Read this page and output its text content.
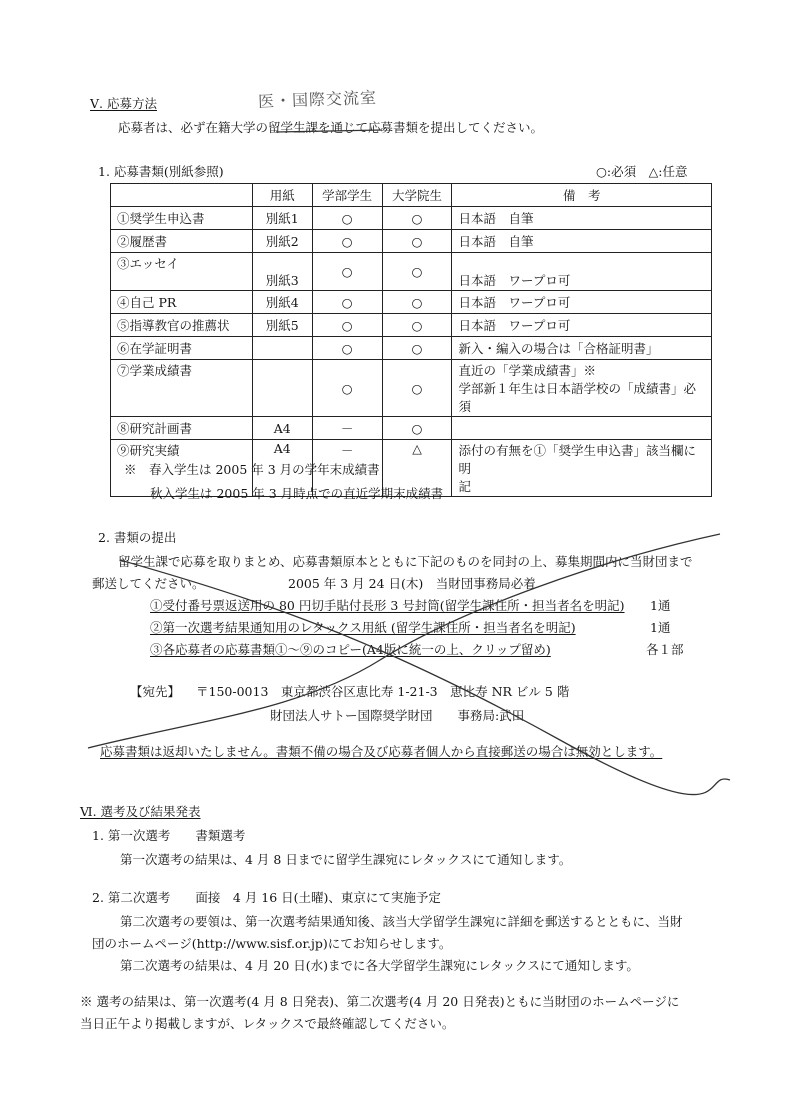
Ⅴ. 応募方法	医・国際交流室
応募者は、必ず在籍大学の留学生課を通じて応募書類を提出してください。
1. 応募書類(別紙参照)	○:必須　△:任意
	用紙	学部学生	大学院生	備　考
①奨学生申込書	別紙1	○	○	日本語　自筆
②履歴書	別紙2	○	○	日本語　自筆
③エッセイ	別紙3	○	○	日本語　ワープロ可
④自己 PR	別紙4	○	○	日本語　ワープロ可
⑤指導教官の推薦状	別紙5	○	○	日本語　ワープロ可
⑥在学証明書		○	○	新入・編入の場合は「合格証明書」
⑦学業成績書		○	○	直近の「学業成績書」※
学部新１年生は日本語学校の「成績書」必須

⑧研究計画書	A4	－	○	
⑨研究実績	A4	－	△	添付の有無を①「奨学生申込書」該当欄に明
記
※　春入学生は 2005 年 3 月の学年末成績書
秋入学生は 2005 年 3 月時点での直近学期末成績書
2. 書類の提出
留学生課で応募を取りまとめ、応募書類原本とともに下記のものを同封の上、募集期間内に当財団まで
郵送してください。	2005 年 3 月 24 日(木)　当財団事務局必着
①受付番号票返送用の 80 円切手貼付長形 3 号封筒(留学生課住所・担当者名を明記) 1通
②第一次選考結果通知用のレタックス用紙 (留学生課住所・担当者名を明記)	1通
③各応募者の応募書類①～⑨のコピー(A4版に統一の上、クリップ留め)	各１部
【宛先】 〒150-0013　東京都渋谷区恵比寿 1-21-3　恵比寿 NR ビル 5 階
財団法人サトー国際奨学財団　　事務局:武田
応募書類は返却いたしません。書類不備の場合及び応募者個人から直接郵送の場合は無効とします。
Ⅵ. 選考及び結果発表
1. 第一次選考　　書類選考
第一次選考の結果は、4 月 8 日までに留学生課宛にレタックスにて通知します。
2. 第二次選考　　面接　4 月 16 日(土曜)、東京にて実施予定
第二次選考の要領は、第一次選考結果通知後、該当大学留学生課宛に詳細を郵送するとともに、当財
団のホームページ(http://www.sisf.or.jp)にてお知らせします。
第二次選考の結果は、4 月 20 日(水)までに各大学留学生課宛にレタックスにて通知します。
※ 選考の結果は、第一次選考(4 月 8 日発表)、第二次選考(4 月 20 日発表)ともに当財団のホームページに
当日正午より掲載しますが、レタックスで最終確認してください。
